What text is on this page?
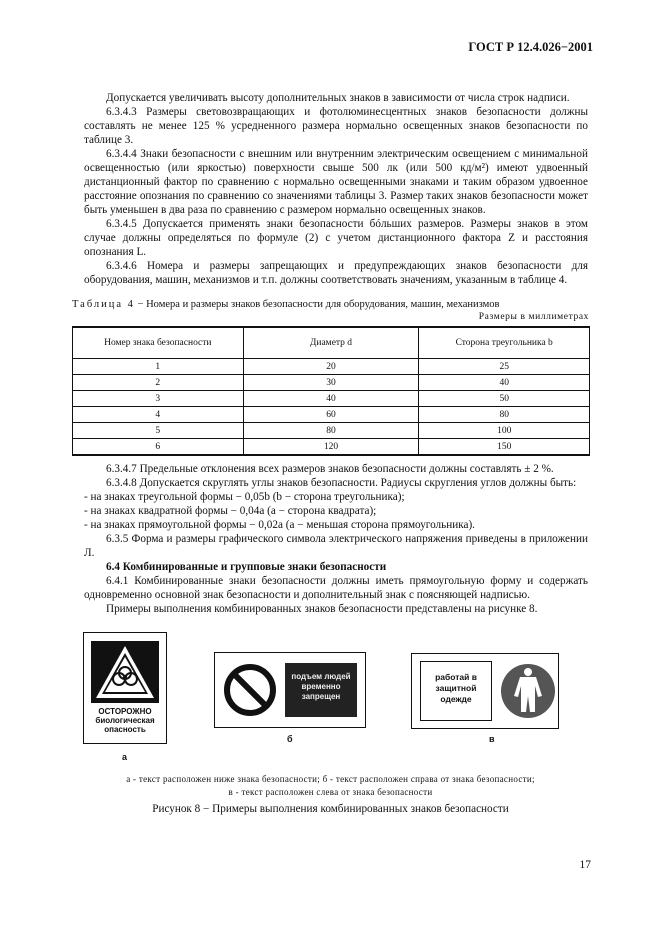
ГОСТ Р 12.4.026−2001

Допускается увеличивать высоту дополнительных знаков в зависимости от числа строк надписи.

6.3.4.3 Размеры световозвращающих и фотолюминесцентных знаков безопасности должны составлять не менее 125 % усредненного размера нормально освещенных знаков безопасности по таблице 3.

6.3.4.4 Знаки безопасности с внешним или внутренним электрическим освещением с минимальной освещенностью (или яркостью) поверхности свыше 500 лк (или 500 кд/м²) имеют удвоенный дистанционный фактор по сравнению с нормально освещенными знаками и таким образом удвоенное расстояние опознания по сравнению со значениями таблицы 3. Размер таких знаков безопасности может быть уменьшен в два раза по сравнению с размером нормально освещенных знаков.

6.3.4.5 Допускается применять знаки безопасности бóльших размеров. Размеры знаков в этом случае должны определяться по формуле (2) с учетом дистанционного фактора Z и расстояния опознания L.

6.3.4.6 Номера и размеры запрещающих и предупреждающих знаков безопасности для оборудования, машин, механизмов и т.п. должны соответствовать значениям, указанным в таблице 4.

Таблица 4 − Номера и размеры знаков безопасности для оборудования, машин, механизмов
Размеры в миллиметрах
Номер знака безопасности	Диаметр d	Сторона треугольника b
1	20	25
2	30	40
3	40	50
4	60	80
5	80	100
6	120	150

6.3.4.7 Предельные отклонения всех размеров знаков безопасности должны составлять ± 2 %.

6.3.4.8 Допускается скруглять углы знаков безопасности. Радиусы скругления углов должны быть:

- на знаках треугольной формы − 0,05b (b − сторона треугольника);

- на знаках квадратной формы − 0,04a (a − сторона квадрата);

- на знаках прямоугольной формы − 0,02a (a − меньшая сторона прямоугольника).

6.3.5 Форма и размеры графического символа электрического напряжения приведены в приложении Л.

6.4 Комбинированные и групповые знаки безопасности

6.4.1 Комбинированные знаки безопасности должны иметь прямоугольную форму и содержать одновременно основной знак безопасности и дополнительный знак с поясняющей надписью.

Примеры выполнения комбинированных знаков безопасности представлены на рисунке 8.

ОСТОРОЖНО биологическая опасность
а
подъем людей временно запрещен
б
работай в защитной одежде
в
а - текст расположен ниже знака безопасности; б - текст расположен справа от знака безопасности;
в - текст расположен слева от знака безопасности
Рисунок 8 − Примеры выполнения комбинированных знаков безопасности
17
